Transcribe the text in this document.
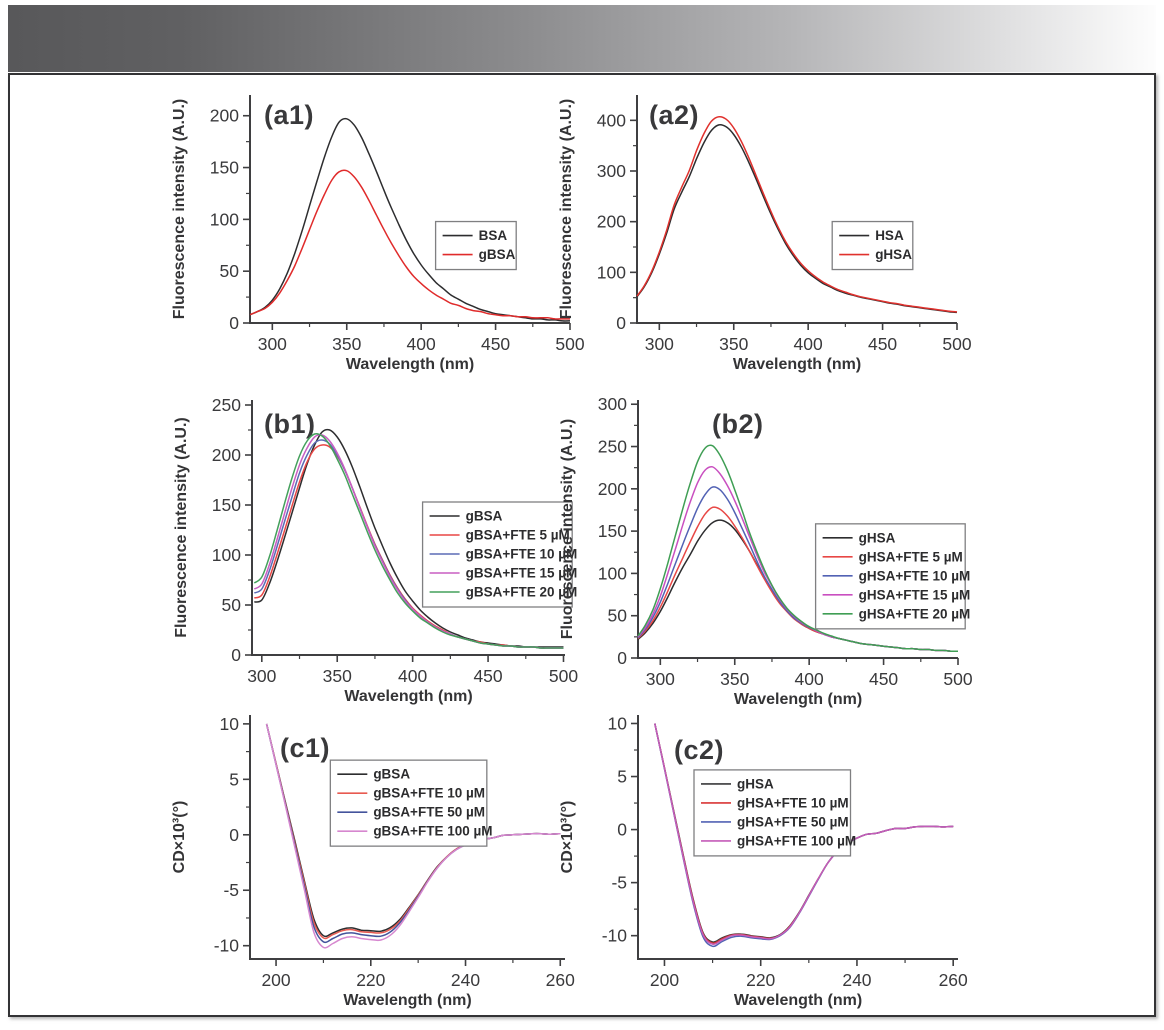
0
50
100
150
200
300	350	400	450	500
Wavelength (nm)
Fluorescence intensity (A.U.)	(a1)
BSA
gBSA
0
100
200
300
400
300	350	400	450	500
Wavelength (nm)
Fluorescence intensity (A.U.)	(a2)
HSA
gHSA
0
50
100
150
200
250
300	350	400	450	500
Wavelength (nm)
Fluorescence intensity (A.U.)	(b1)
gBSA
gBSA+FTE 5 µM
gBSA+FTE 10 µM
gBSA+FTE 15 µM
gBSA+FTE 20 µM
0
50
100
150
200
250
300
300	350	400	450	500
Wavelength (nm)
Fluorescence intensity (A.U.)	(b2)
gHSA
gHSA+FTE 5 µM
gHSA+FTE 10 µM
gHSA+FTE 15 µM
gHSA+FTE 20 µM
-10
-5
0
5
10
200	220	240	260
Wavelength (nm)
CD×10³(°)
(c1)
gBSA
gBSA+FTE 10 µM
gBSA+FTE 50 µM
gBSA+FTE 100 µM
-10
-5
0
5
10
200	220	240	260
Wavelength (nm)
CD×10³(°)
(c2)
gHSA
gHSA+FTE 10 µM
gHSA+FTE 50 µM
gHSA+FTE 100 µM
